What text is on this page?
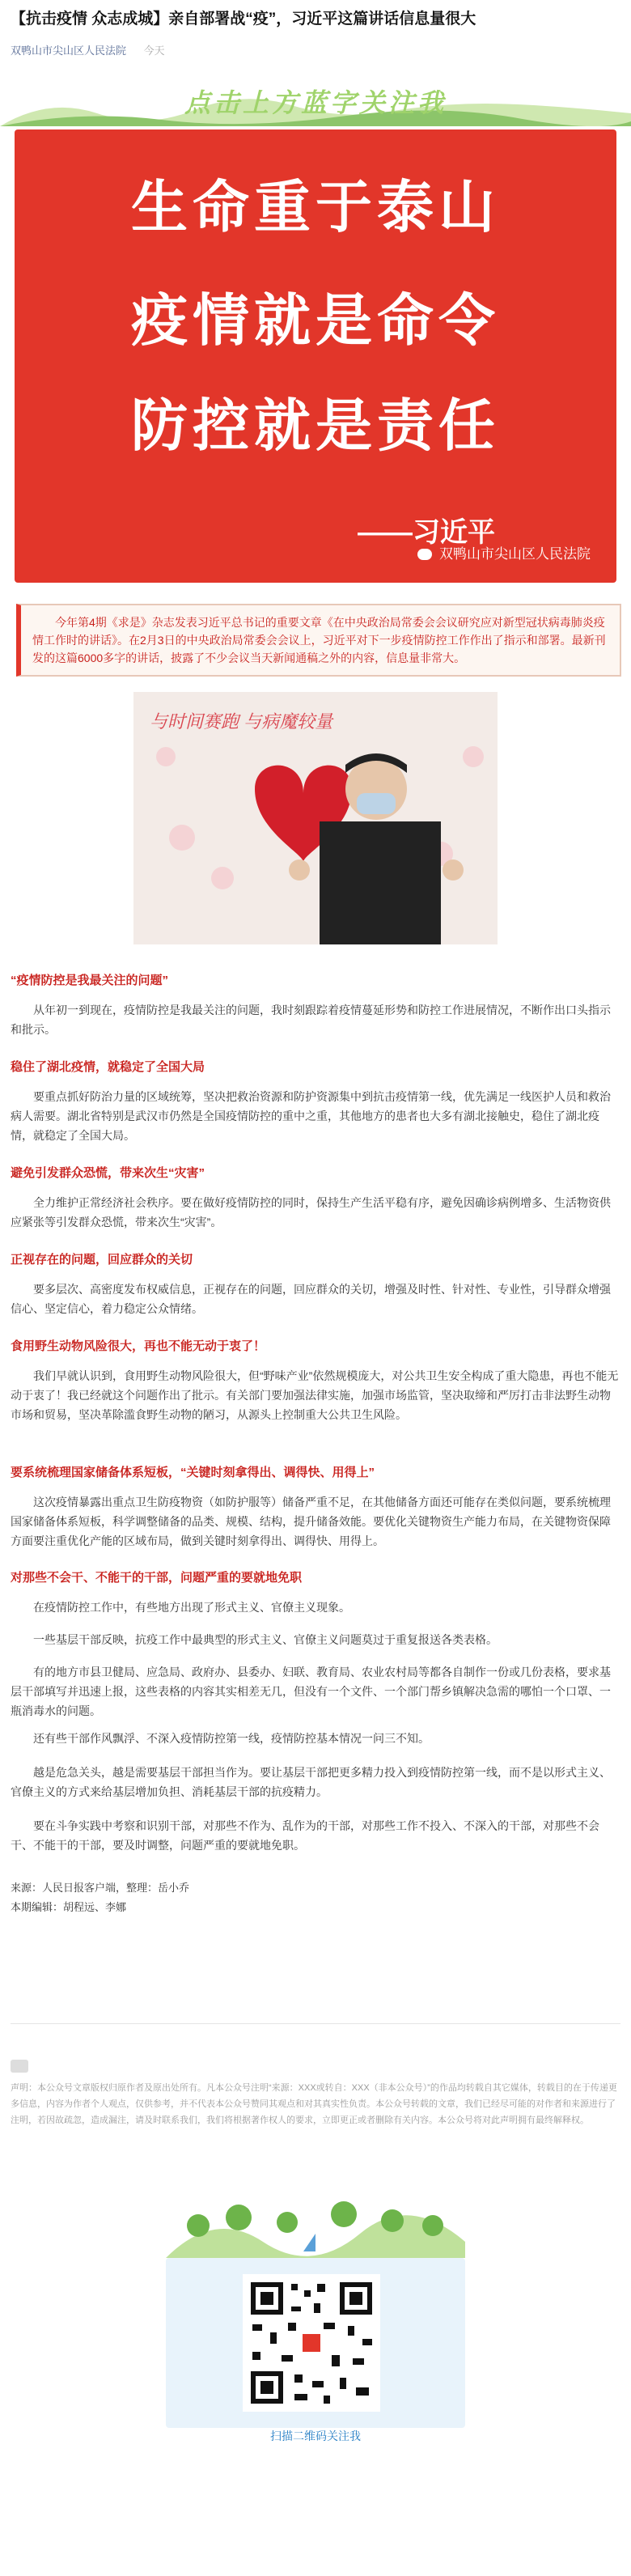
【抗击疫情 众志成城】亲自部署战“疫”，习近平这篇讲话信息量很大
双鸭山市尖山区人民法院 今天
点击上方蓝字关注我
生命重于泰山
疫情就是命令
防控就是责任
——习近平
双鸭山市尖山区人民法院
今年第4期《求是》杂志发表习近平总书记的重要文章《在中央政治局常委会会议研究应对新型冠状病毒肺炎疫情工作时的讲话》。在2月3日的中央政治局常委会会议上，习近平对下一步疫情防控工作作出了指示和部署。最新刊发的这篇6000多字的讲话，披露了不少会议当天新闻通稿之外的内容，信息量非常大。
与时间赛跑 与病魔较量
“疫情防控是我最关注的问题”
从年初一到现在，疫情防控是我最关注的问题，我时刻跟踪着疫情蔓延形势和防控工作进展情况，不断作出口头指示和批示。
稳住了湖北疫情，就稳定了全国大局
要重点抓好防治力量的区域统筹，坚决把救治资源和防护资源集中到抗击疫情第一线，优先满足一线医护人员和救治病人需要。湖北省特别是武汉市仍然是全国疫情防控的重中之重，其他地方的患者也大多有湖北接触史，稳住了湖北疫情，就稳定了全国大局。
避免引发群众恐慌，带来次生“灾害”
全力维护正常经济社会秩序。要在做好疫情防控的同时，保持生产生活平稳有序，避免因确诊病例增多、生活物资供应紧张等引发群众恐慌，带来次生“灾害”。
正视存在的问题，回应群众的关切
要多层次、高密度发布权威信息，正视存在的问题，回应群众的关切，增强及时性、针对性、专业性，引导群众增强信心、坚定信心，着力稳定公众情绪。
食用野生动物风险很大，再也不能无动于衷了！
我们早就认识到，食用野生动物风险很大，但“野味产业”依然规模庞大，对公共卫生安全构成了重大隐患，再也不能无动于衷了！我已经就这个问题作出了批示。有关部门要加强法律实施，加强市场监管，坚决取缔和严厉打击非法野生动物市场和贸易，坚决革除滥食野生动物的陋习，从源头上控制重大公共卫生风险。
要系统梳理国家储备体系短板，“关键时刻拿得出、调得快、用得上”
这次疫情暴露出重点卫生防疫物资（如防护服等）储备严重不足，在其他储备方面还可能存在类似问题，要系统梳理国家储备体系短板，科学调整储备的品类、规模、结构，提升储备效能。要优化关键物资生产能力布局，在关键物资保障方面要注重优化产能的区域布局，做到关键时刻拿得出、调得快、用得上。
对那些不会干、不能干的干部，问题严重的要就地免职
在疫情防控工作中，有些地方出现了形式主义、官僚主义现象。
一些基层干部反映，抗疫工作中最典型的形式主义、官僚主义问题莫过于重复报送各类表格。
有的地方市县卫健局、应急局、政府办、县委办、妇联、教育局、农业农村局等都各自制作一份或几份表格，要求基层干部填写并迅速上报，这些表格的内容其实相差无几，但没有一个文件、一个部门帮乡镇解决急需的哪怕一个口罩、一瓶消毒水的问题。
还有些干部作风飘浮、不深入疫情防控第一线，疫情防控基本情况一问三不知。
越是危急关头，越是需要基层干部担当作为。要让基层干部把更多精力投入到疫情防控第一线，而不是以形式主义、官僚主义的方式来给基层增加负担、消耗基层干部的抗疫精力。
要在斗争实践中考察和识别干部，对那些不作为、乱作为的干部，对那些工作不投入、不深入的干部，对那些不会干、不能干的干部，要及时调整，问题严重的要就地免职。
来源：人民日报客户端，整理：岳小乔
本期编辑：胡程远、李娜
声明：本公众号文章版权归原作者及原出处所有。凡本公众号注明“来源：XXX或转自：XXX（非本公众号）”的作品均转载自其它媒体，转载目的在于传递更多信息，内容为作者个人观点，仅供参考，并不代表本公众号赞同其观点和对其真实性负责。本公众号转载的文章，我们已经尽可能的对作者和来源进行了注明，若因故疏忽，造成漏注，请及时联系我们，我们将根据著作权人的要求，立即更正或者删除有关内容。本公众号将对此声明拥有最终解释权。
扫描二维码关注我
